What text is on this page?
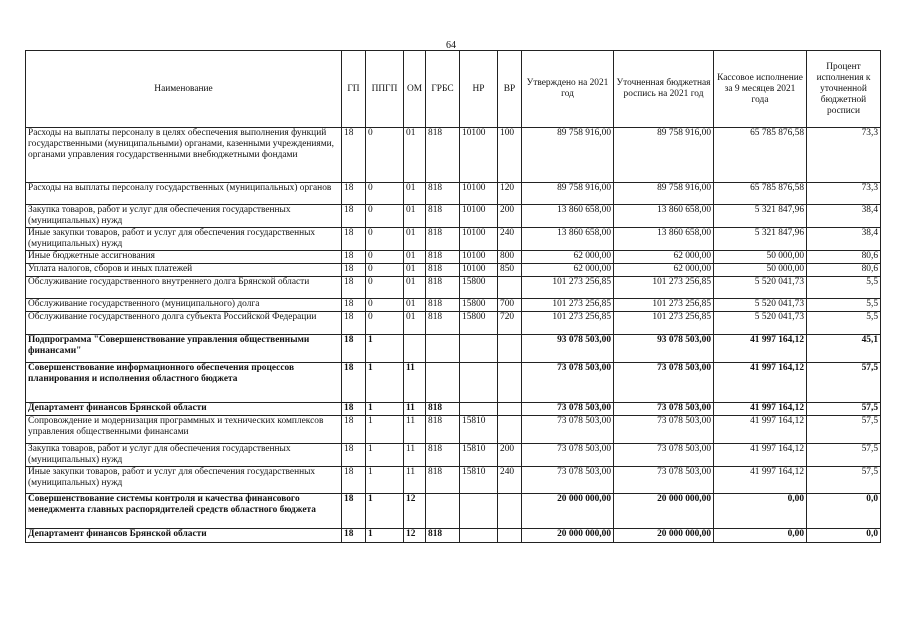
64
Наименование	ГП	ППГП	ОМ	ГРБС	НР	ВР	Утверждено на 2021 год	Уточненная бюджетная роспись на 2021 год	Кассовое исполнение за 9 месяцев 2021 года	Процент исполнения к уточненной бюджетной росписи
Расходы на выплаты персоналу в целях обеспечения выполнения функций государственными (муниципальными) органами, казенными учреждениями, органами управления государственными внебюджетными фондами	18	0	01	818	10100	100	89 758 916,00	89 758 916,00	65 785 876,58	73,3
Расходы на выплаты персоналу государственных (муниципальных) органов	18	0	01	818	10100	120	89 758 916,00	89 758 916,00	65 785 876,58	73,3
Закупка товаров, работ и услуг для обеспечения государственных (муниципальных) нужд	18	0	01	818	10100	200	13 860 658,00	13 860 658,00	5 321 847,96	38,4
Иные закупки товаров, работ и услуг для обеспечения государственных (муниципальных) нужд	18	0	01	818	10100	240	13 860 658,00	13 860 658,00	5 321 847,96	38,4
Иные бюджетные ассигнования	18	0	01	818	10100	800	62 000,00	62 000,00	50 000,00	80,6
Уплата налогов, сборов и иных платежей	18	0	01	818	10100	850	62 000,00	62 000,00	50 000,00	80,6
Обслуживание государственного внутреннего долга Брянской области	18	0	01	818	15800		101 273 256,85	101 273 256,85	5 520 041,73	5,5
Обслуживание государственного (муниципального) долга	18	0	01	818	15800	700	101 273 256,85	101 273 256,85	5 520 041,73	5,5
Обслуживание государственного долга субъекта Российской Федерации	18	0	01	818	15800	720	101 273 256,85	101 273 256,85	5 520 041,73	5,5
Подпрограмма "Совершенствование управления общественными финансами"	18	1					93 078 503,00	93 078 503,00	41 997 164,12	45,1
Совершенствование информационного обеспечения процессов планирования и исполнения областного бюджета	18	1	11				73 078 503,00	73 078 503,00	41 997 164,12	57,5
Департамент финансов Брянской области	18	1	11	818			73 078 503,00	73 078 503,00	41 997 164,12	57,5
Сопровождение и модернизация программных и технических комплексов управления общественными финансами	18	1	11	818	15810		73 078 503,00	73 078 503,00	41 997 164,12	57,5
Закупка товаров, работ и услуг для обеспечения государственных (муниципальных) нужд	18	1	11	818	15810	200	73 078 503,00	73 078 503,00	41 997 164,12	57,5
Иные закупки товаров, работ и услуг для обеспечения государственных (муниципальных) нужд	18	1	11	818	15810	240	73 078 503,00	73 078 503,00	41 997 164,12	57,5
Совершенствование системы контроля и качества финансового менеджмента главных распорядителей средств областного бюджета	18	1	12				20 000 000,00	20 000 000,00	0,00	0,0
Департамент финансов Брянской области	18	1	12	818			20 000 000,00	20 000 000,00	0,00	0,0
